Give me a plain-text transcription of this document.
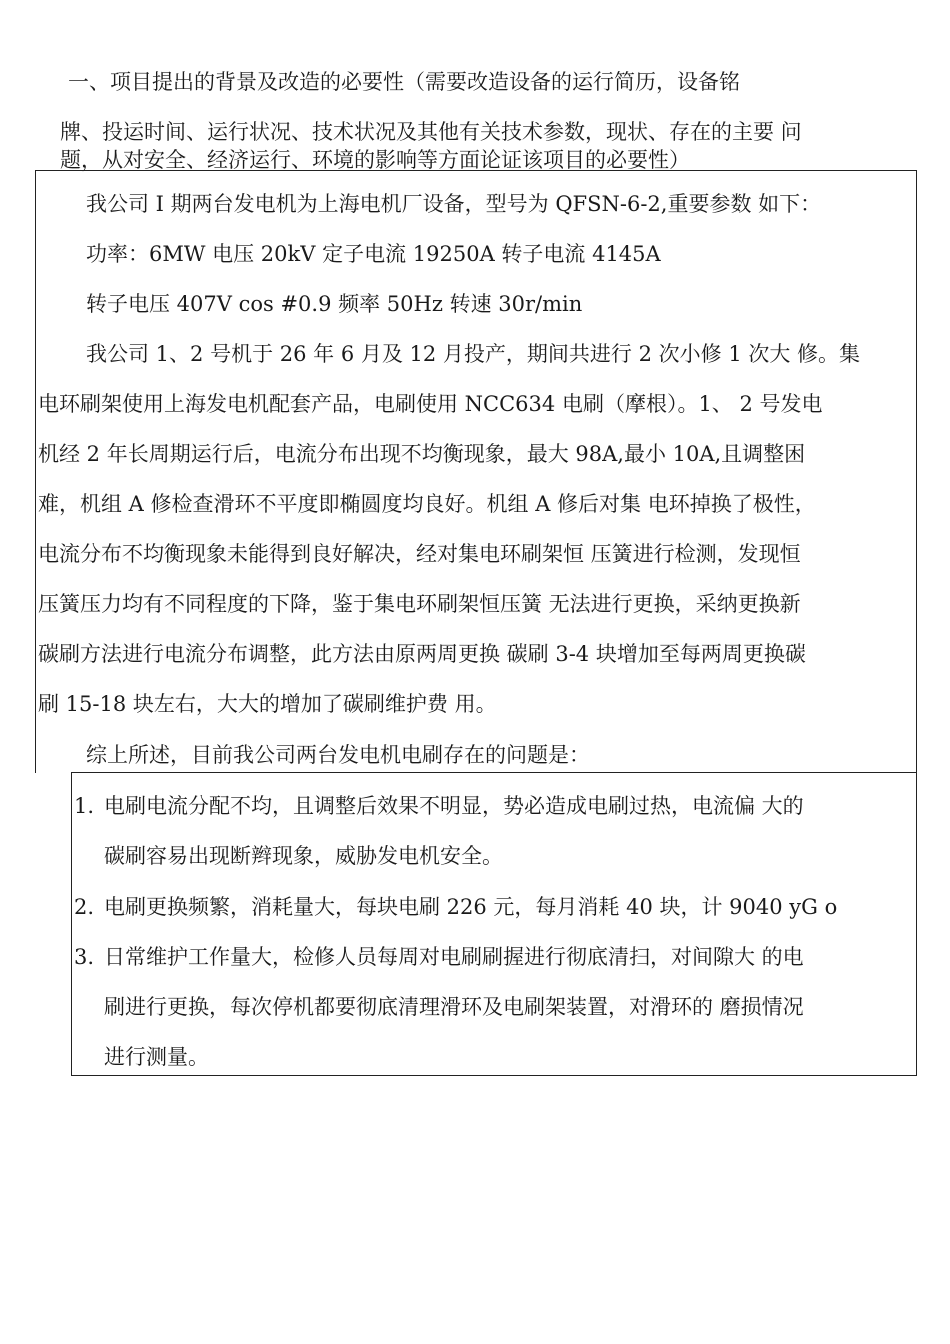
一、项目提出的背景及改造的必要性（需要改造设备的运行简历，设备铭
牌、投运时间、运行状况、技术状况及其他有关技术参数，现状、存在的主要 问
题，从对安全、经济运行、环境的影响等方面论证该项目的必要性）
我公司 I 期两台发电机为上海电机厂设备，型号为 QFSN-6-2,重要参数 如下：
功率：6MW 电压 20kV 定子电流 19250A 转子电流 4145A
转子电压 407V cos #0.9 频率 50Hz 转速 30r/min
我公司 1、2 号机于 26 年 6 月及 12 月投产，期间共进行 2 次小修 1 次大 修。集
电环刷架使用上海发电机配套产品，电刷使用 NCC634 电刷（摩根）。1、 2 号发电
机经 2 年长周期运行后，电流分布出现不均衡现象，最大 98A,最小 10A,且调整困
难，机组 A 修检查滑环不平度即椭圆度均良好。机组 A 修后对集 电环掉换了极性，
电流分布不均衡现象未能得到良好解决，经对集电环刷架恒 压簧进行检测，发现恒
压簧压力均有不同程度的下降，鉴于集电环刷架恒压簧 无法进行更换，采纳更换新
碳刷方法进行电流分布调整，此方法由原两周更换 碳刷 3-4 块增加至每两周更换碳
刷 15-18 块左右，大大的增加了碳刷维护费 用。
综上所述，目前我公司两台发电机电刷存在的问题是：
1. 电刷电流分配不均，且调整后效果不明显，势必造成电刷过热，电流偏 大的
碳刷容易出现断辫现象，威胁发电机安全。
2. 电刷更换频繁，消耗量大，每块电刷 226 元，每月消耗 40 块，计 9040 yG o
3. 日常维护工作量大，检修人员每周对电刷刷握进行彻底清扫，对间隙大 的电
刷进行更换，每次停机都要彻底清理滑环及电刷架装置，对滑环的 磨损情况
进行测量。
